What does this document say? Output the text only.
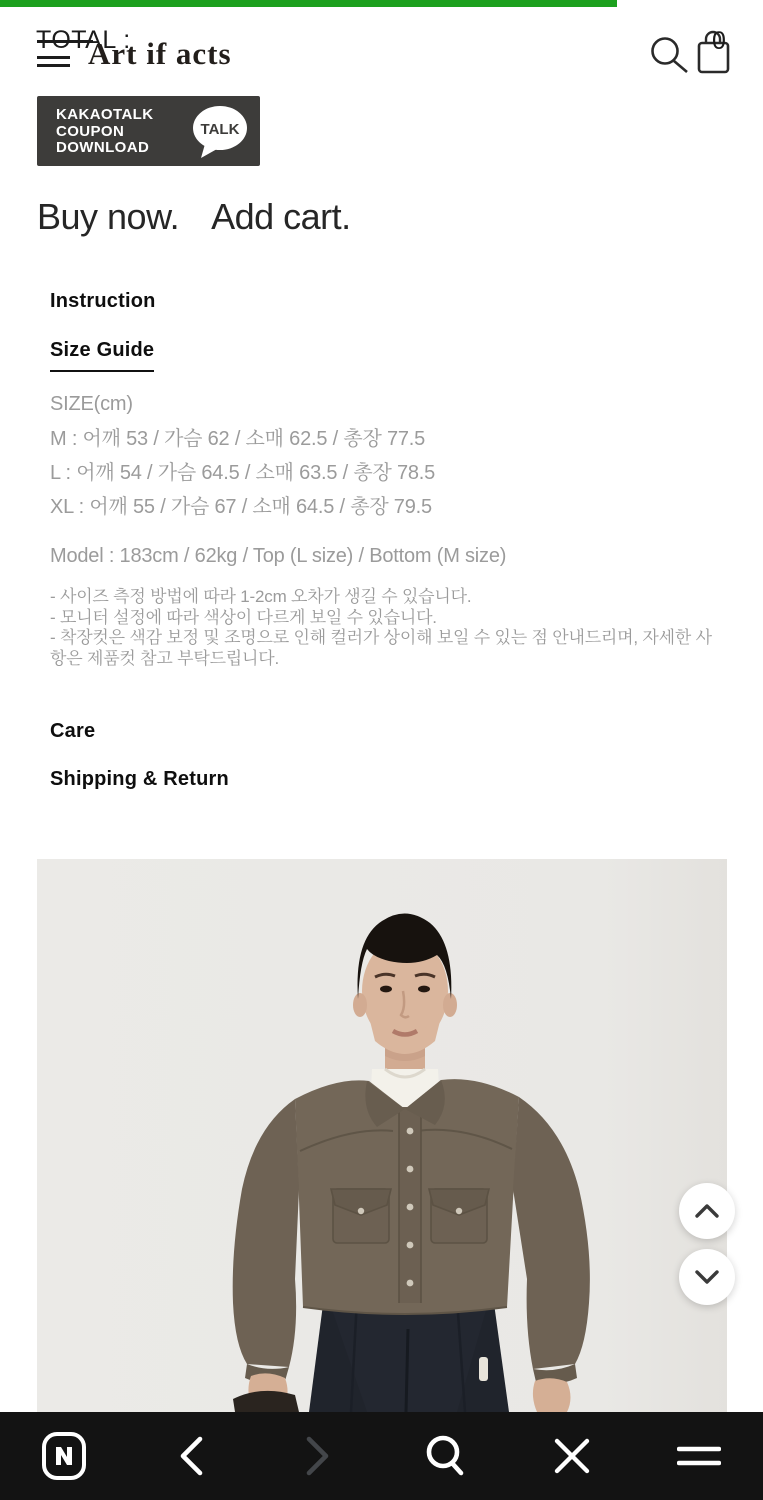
TOTAL :
Art if acts	0
KAKAOTALK
COUPON
DOWNLOAD
TALK
Buy now. Add cart.
Instruction
Size Guide
SIZE(cm)
M : 어깨 53 / 가슴 62 / 소매 62.5 / 총장 77.5
L : 어깨 54 / 가슴 64.5 / 소매 63.5 / 총장 78.5
XL : 어깨 55 / 가슴 67 / 소매 64.5 / 총장 79.5
Model : 183cm / 62kg / Top (L size) / Bottom (M size)
- 사이즈 측정 방법에 따라 1-2cm 오차가 생길 수 있습니다.
- 모니터 설정에 따라 색상이 다르게 보일 수 있습니다.
- 착장컷은 색감 보정 및 조명으로 인해 컬러가 상이해 보일 수 있는 점 안내드리며, 자세한 사항은 제품컷 참고 부탁드립니다.
Care
Shipping & Return
